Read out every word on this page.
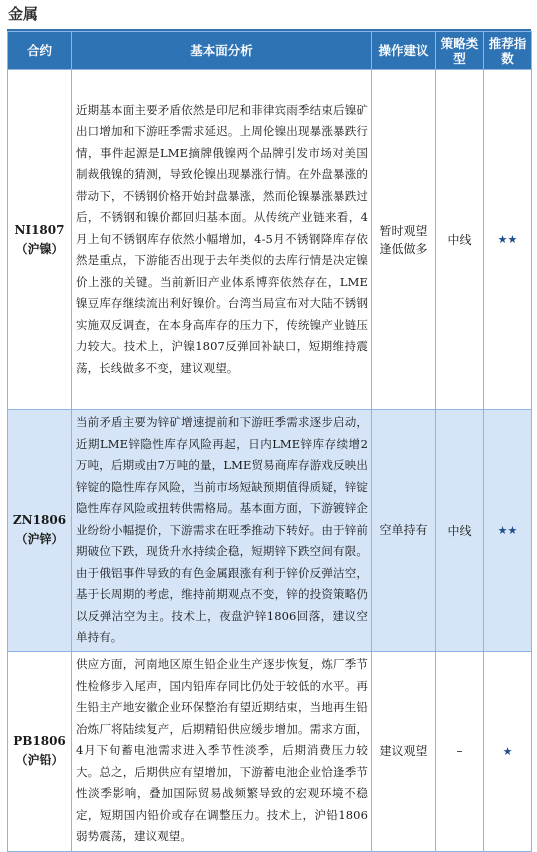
金属
合约	基本面分析	操作建议	策略类型	推荐指数

NI1807
（沪镍）	近期基本面主要矛盾依然是印尼和菲律宾雨季结束后镍矿出口增加和下游旺季需求延迟。上周伦镍出现暴涨暴跌行情，事件起源是LME摘牌俄镍两个品牌引发市场对美国制裁俄镍的猜测，导致伦镍出现暴涨行情。在外盘暴涨的带动下，不锈钢价格开始封盘暴涨，然而伦镍暴涨暴跌过后，不锈钢和镍价都回归基本面。从传统产业链来看，4月上旬不锈钢库存依然小幅增加，4-5月不锈钢降库存依然是重点，下游能否出现于去年类似的去库行情是决定镍价上涨的关键。当前新旧产业体系博弈依然存在，LME镍豆库存继续流出利好镍价。台湾当局宣布对大陆不锈钢实施双反调查，在本身高库存的压力下，传统镍产业链压力较大。技术上，沪镍1807反弹回补缺口，短期维持震荡，长线做多不变，建议观望。	暂时观望逢低做多	中线	★★

ZN1806
（沪锌）	当前矛盾主要为锌矿增速提前和下游旺季需求逐步启动，近期LME锌隐性库存风险再起，日内LME锌库存续增2万吨，后期或由7万吨的量，LME贸易商库存游戏反映出锌锭的隐性库存风险，当前市场短缺预期值得质疑，锌锭隐性库存风险或扭转供需格局。基本面方面，下游镀锌企业纷纷小幅提价，下游需求在旺季推动下转好。由于锌前期破位下跌，现货升水持续企稳，短期锌下跌空间有限。由于俄铝事件导致的有色金属跟涨有利于锌价反弹沽空，基于长周期的考虑，维持前期观点不变，锌的投资策略仍以反弹沽空为主。技术上，夜盘沪锌1806回落，建议空单持有。	空单持有	中线	★★

PB1806
（沪铅）	供应方面，河南地区原生铅企业生产逐步恢复，炼厂季节性检修步入尾声，国内铅库存同比仍处于较低的水平。再生铅主产地安徽企业环保整治有望近期结束，当地再生铅冶炼厂将陆续复产，后期精铅供应缓步增加。需求方面，4月下旬蓄电池需求进入季节性淡季，后期消费压力较大。总之，后期供应有望增加，下游蓄电池企业恰逢季节性淡季影响，叠加国际贸易战频繁导致的宏观环境不稳定，短期国内铅价或存在调整压力。技术上，沪铅1806弱势震荡，建议观望。	建议观望	–	★
